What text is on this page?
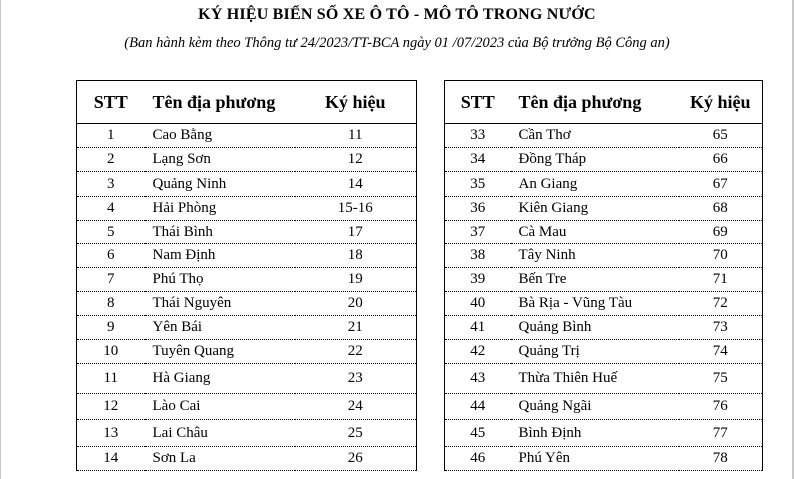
KÝ HIỆU BIỂN SỐ XE Ô TÔ - MÔ TÔ TRONG NƯỚC
(Ban hành kèm theo Thông tư 24/2023/TT-BCA ngày 01 /07/2023 của Bộ trưởng Bộ Công an)
STT	Tên địa phương	Ký hiệu		STT	Tên địa phương	Ký hiệu
1	Cao Bằng	11		33	Cần Thơ	65
2	Lạng Sơn	12		34	Đồng Tháp	66
3	Quảng Ninh	14		35	An Giang	67
4	Hải Phòng	15-16		36	Kiên Giang	68
5	Thái Bình	17		37	Cà Mau	69
6	Nam Định	18		38	Tây Ninh	70
7	Phú Thọ	19		39	Bến Tre	71
8	Thái Nguyên	20		40	Bà Rịa - Vũng Tàu	72
9	Yên Bái	21		41	Quảng Bình	73
10	Tuyên Quang	22		42	Quảng Trị	74
11	Hà Giang	23		43	Thừa Thiên Huế	75
12	Lào Cai	24		44	Quảng Ngãi	76
13	Lai Châu	25		45	Bình Định	77
14	Sơn La	26		46	Phú Yên	78
